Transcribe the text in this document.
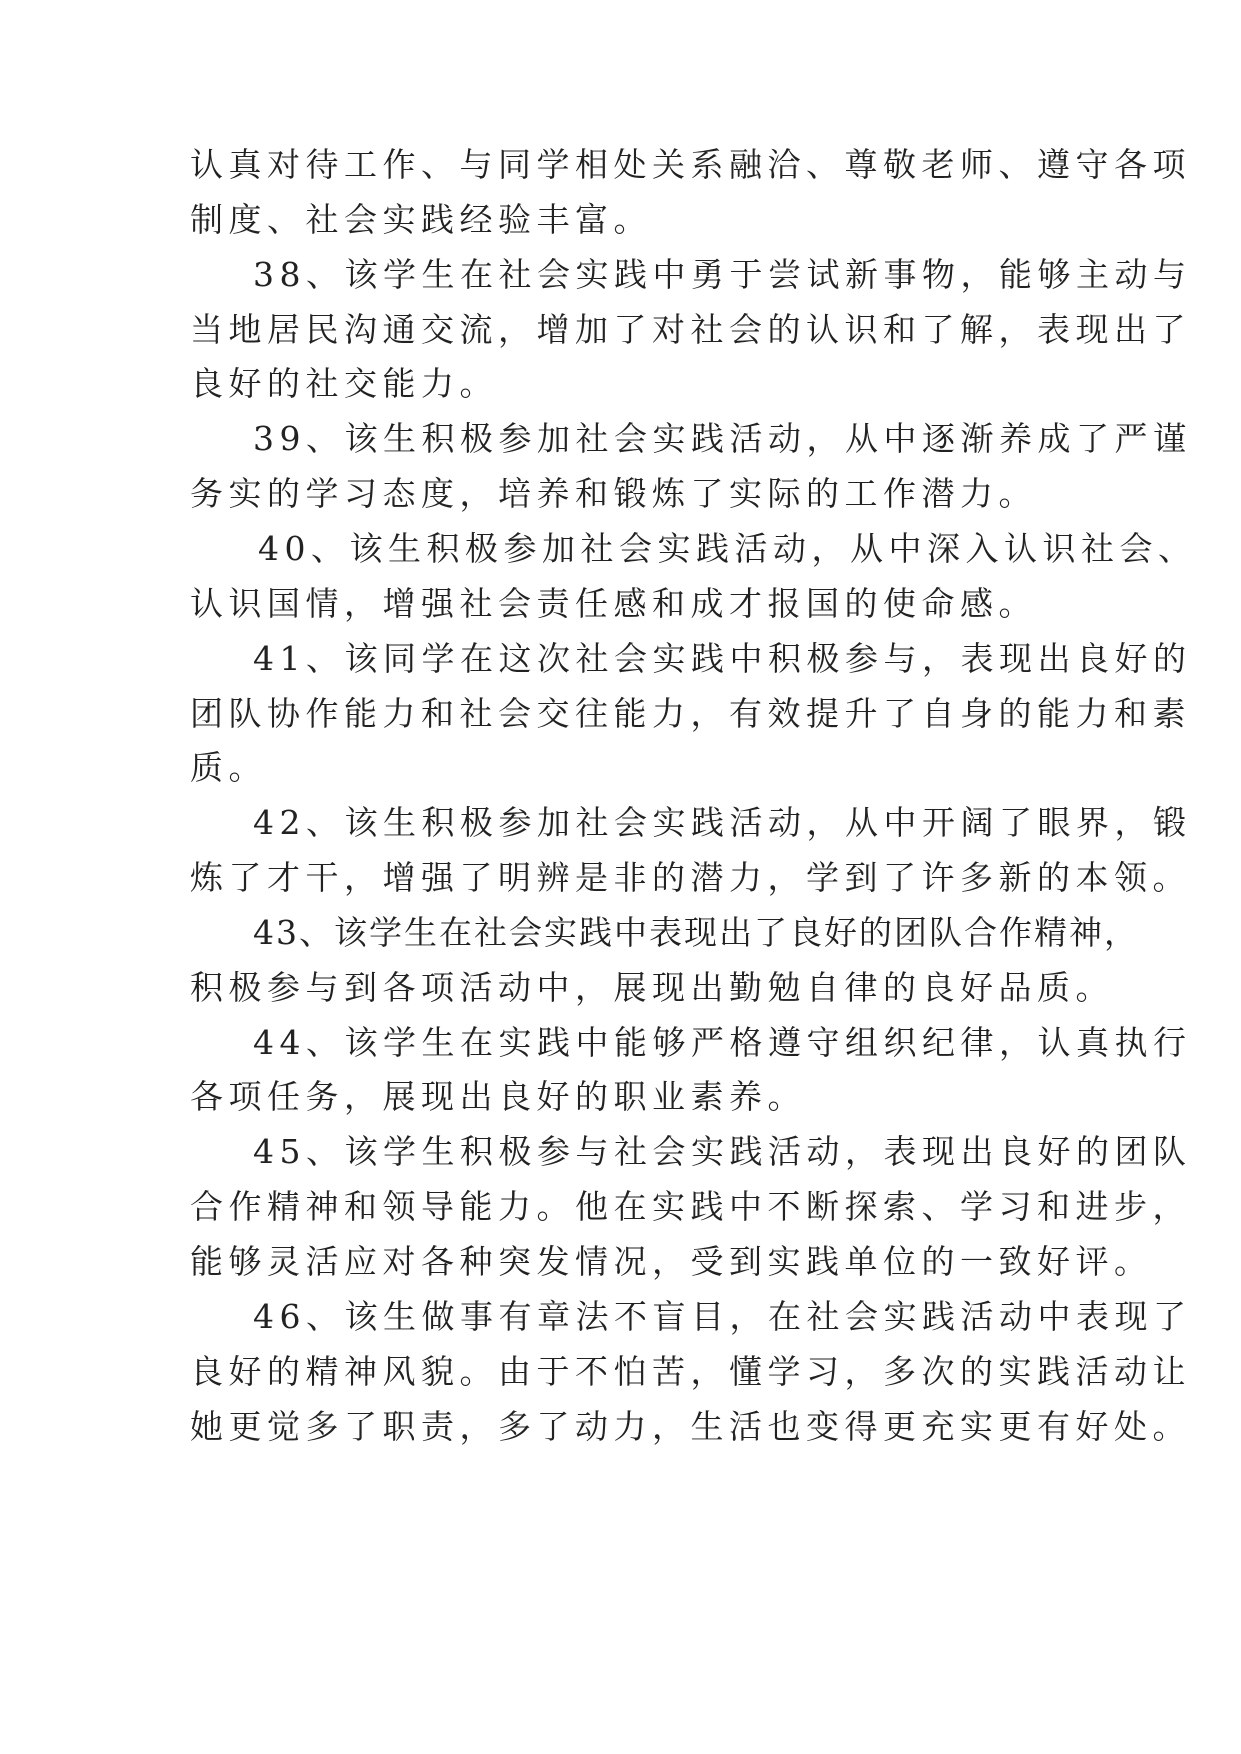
认真对待工作、与同学相处关系融洽、尊敬老师、遵守各项
制度、社会实践经验丰富。
38、该学生在社会实践中勇于尝试新事物，能够主动与
当地居民沟通交流，增加了对社会的认识和了解，表现出了
良好的社交能力。
39、该生积极参加社会实践活动，从中逐渐养成了严谨
务实的学习态度，培养和锻炼了实际的工作潜力。
40、该生积极参加社会实践活动，从中深入认识社会、
认识国情，增强社会责任感和成才报国的使命感。
41、该同学在这次社会实践中积极参与，表现出良好的
团队协作能力和社会交往能力，有效提升了自身的能力和素
质。
42、该生积极参加社会实践活动，从中开阔了眼界，锻
炼了才干，增强了明辨是非的潜力，学到了许多新的本领。
43、该学生在社会实践中表现出了良好的团队合作精神，
积极参与到各项活动中，展现出勤勉自律的良好品质。
44、该学生在实践中能够严格遵守组织纪律，认真执行
各项任务，展现出良好的职业素养。
45、该学生积极参与社会实践活动，表现出良好的团队
合作精神和领导能力。他在实践中不断探索、学习和进步，
能够灵活应对各种突发情况，受到实践单位的一致好评。
46、该生做事有章法不盲目，在社会实践活动中表现了
良好的精神风貌。由于不怕苦，懂学习，多次的实践活动让
她更觉多了职责，多了动力，生活也变得更充实更有好处。
